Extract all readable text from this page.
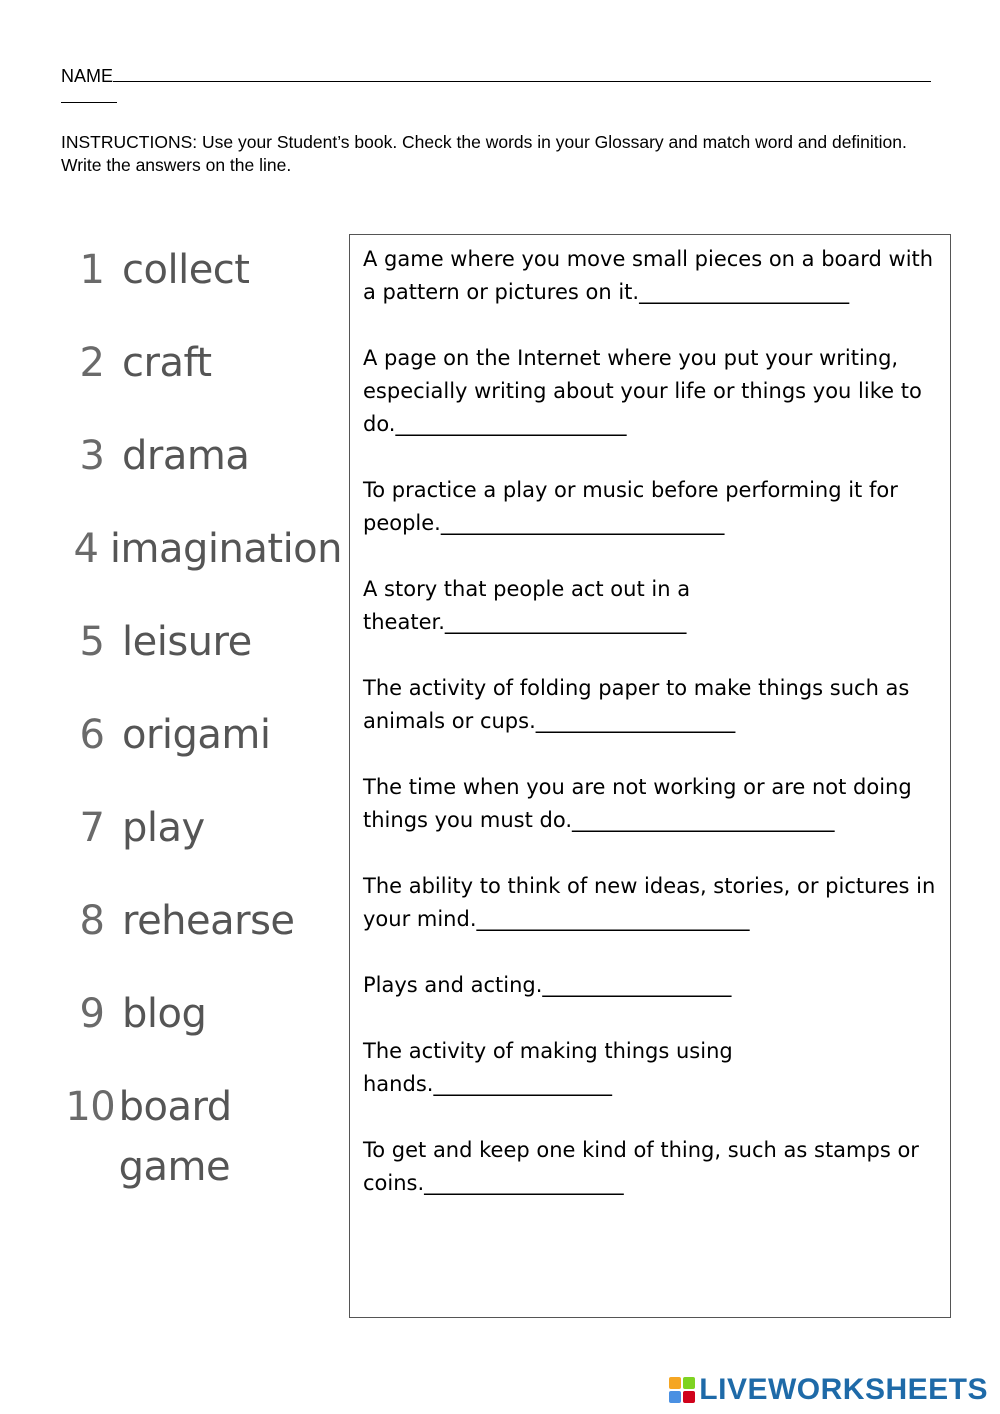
NAME
INSTRUCTIONS: Use your Student’s book. Check the words in your Glossary and match word and definition. Write the answers on the line.
1 collect
2 craft
3 drama
4 imagination
5 leisure
6 origami
7 play
8 rehearse
9 blog
10 board game

A game where you move small pieces on a board with a pattern or pictures on it.____________________

A page on the Internet where you put your writing, especially writing about your life or things you like to do.______________________

To practice a play or music before performing it for people.___________________________

A story that people act out in a theater._______________________

The activity of folding paper to make things such as animals or cups.___________________

The time when you are not working or are not doing things you must do._________________________

The ability to think of new ideas, stories, or pictures in your mind.__________________________

Plays and acting.__________________

The activity of making things using hands._________________

To get and keep one kind of thing, such as stamps or coins.___________________

LIVEWORKSHEETS
